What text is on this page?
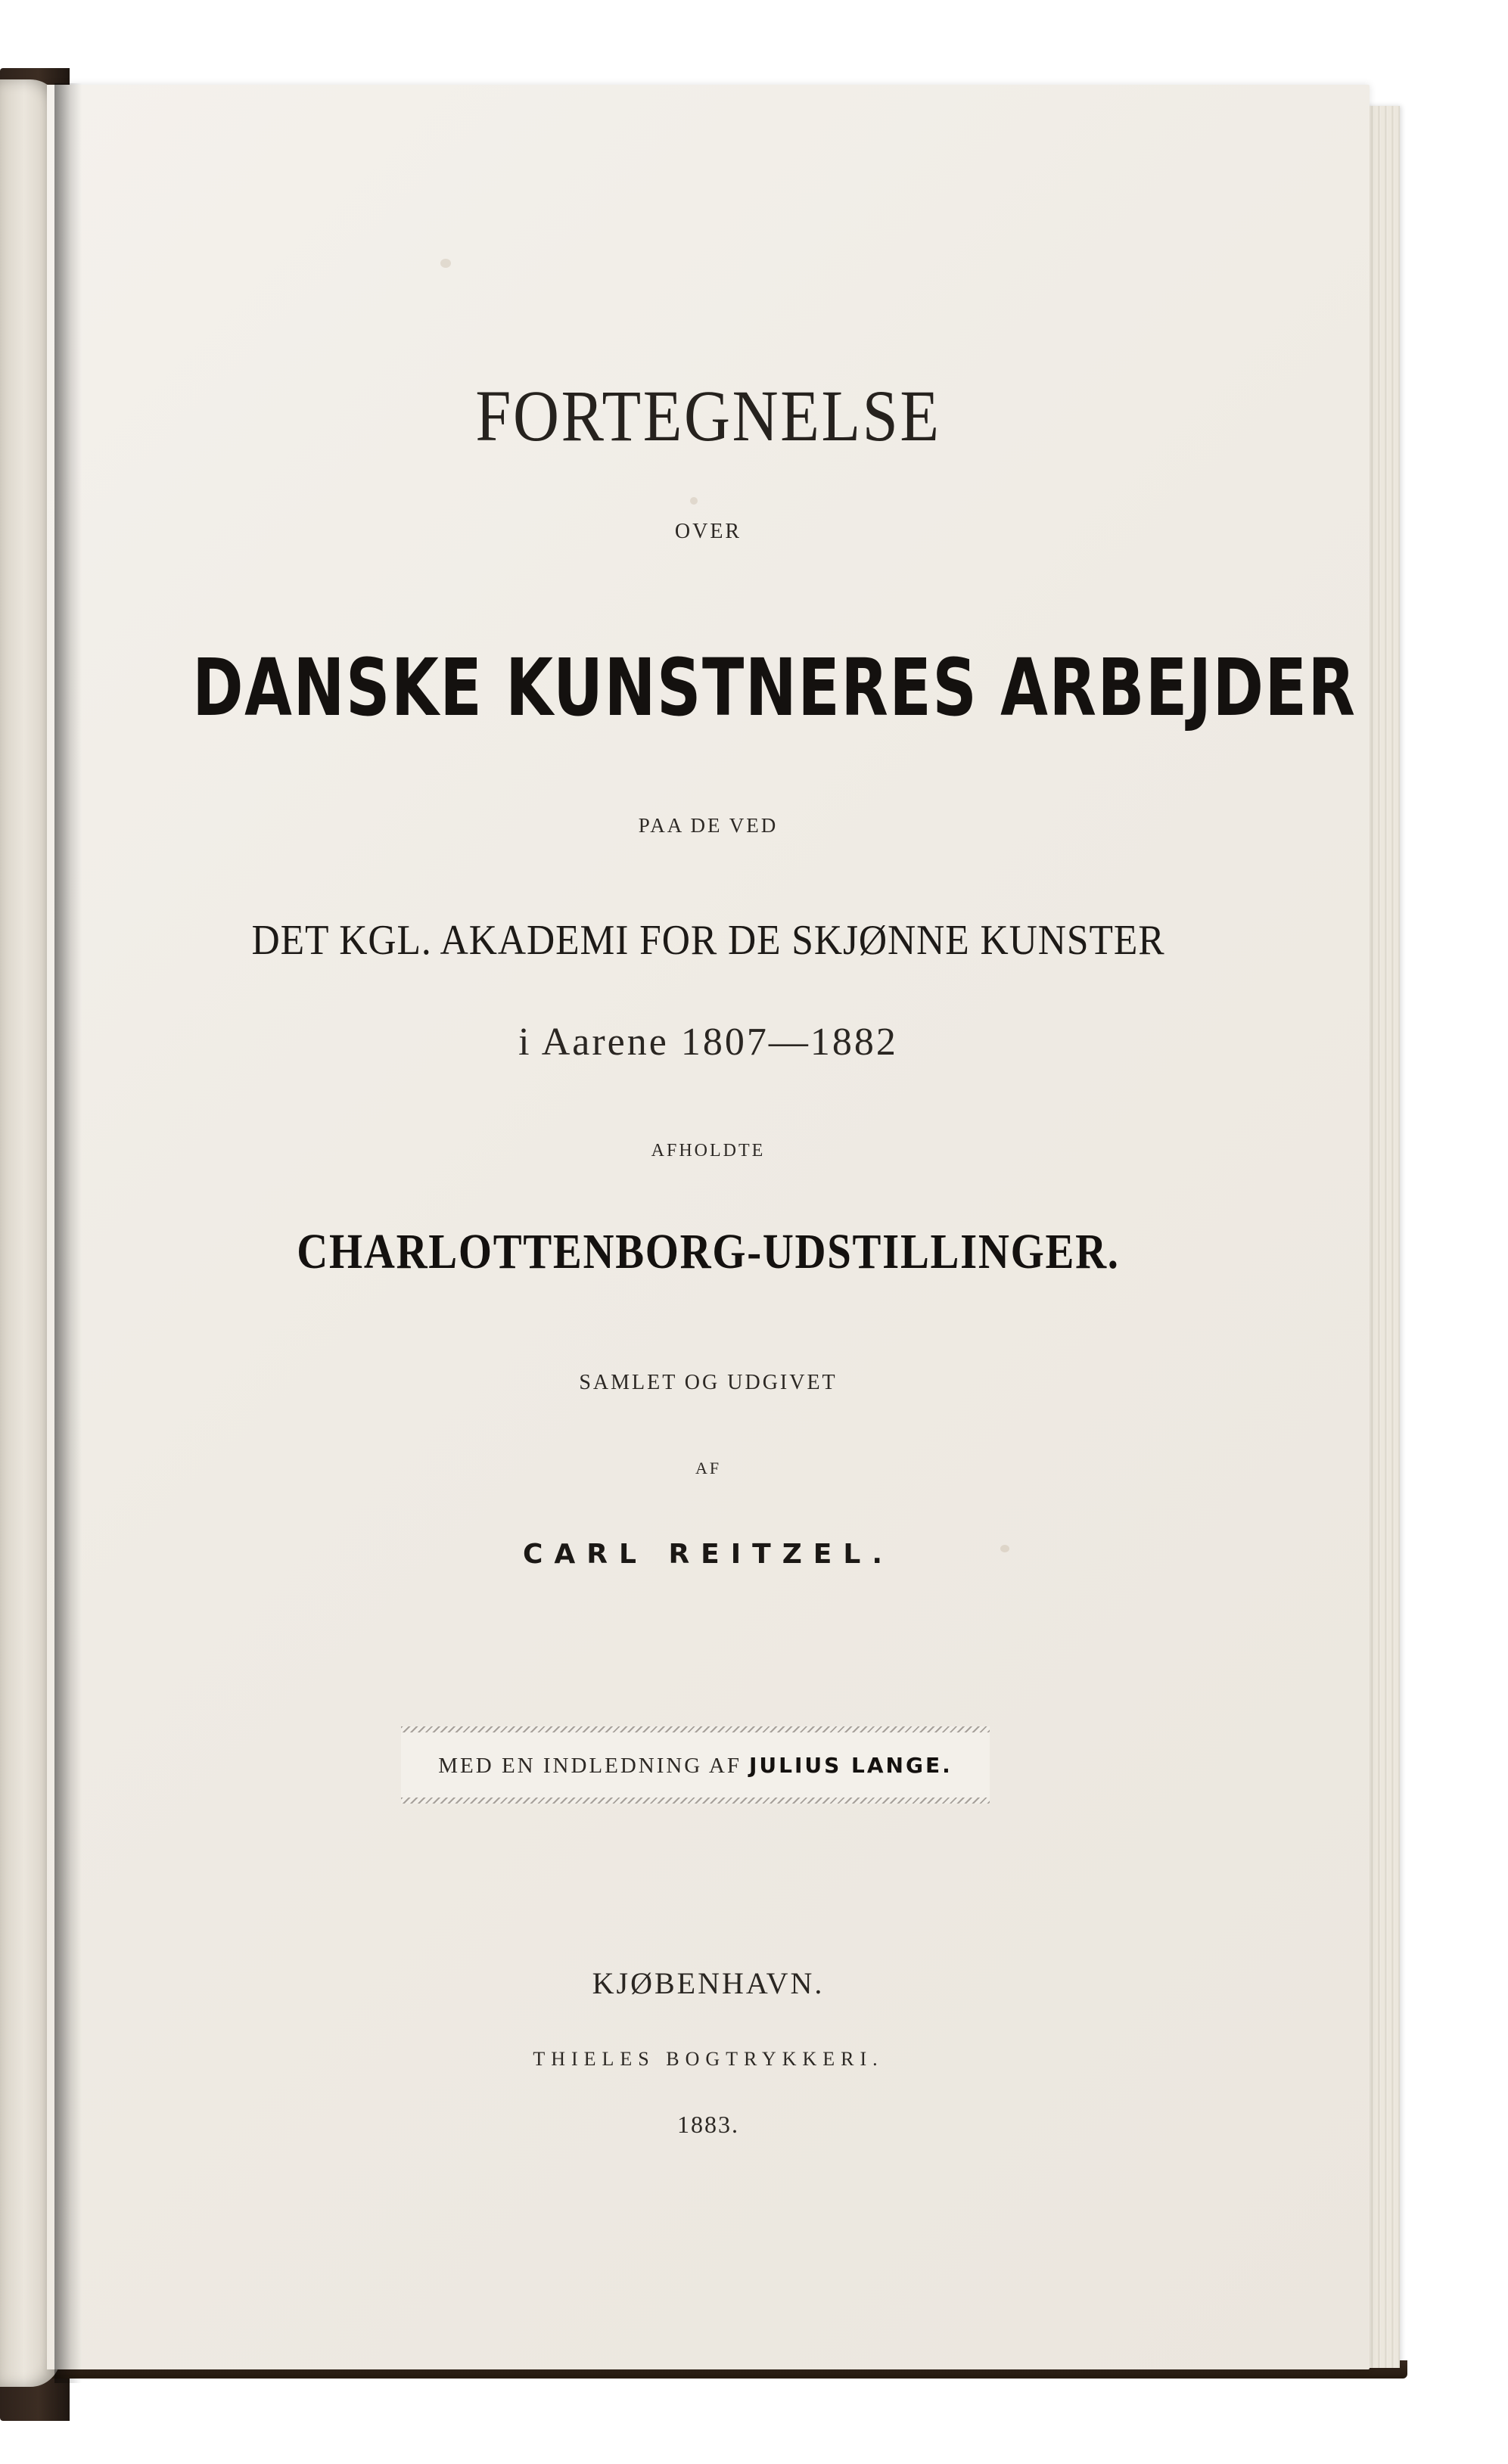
FORTEGNELSE

OVER

DANSKE KUNSTNERES ARBEJDER

PAA DE VED

DET KGL. AKADEMI FOR DE SKJØNNE KUNSTER

i Aarene 1807—1882

AFHOLDTE

CHARLOTTENBORG-UDSTILLINGER.

SAMLET OG UDGIVET

AF

CARL REITZEL.

MED EN INDLEDNING AF JULIUS LANGE.

KJØBENHAVN.

THIELES BOGTRYKKERI.

1883.
